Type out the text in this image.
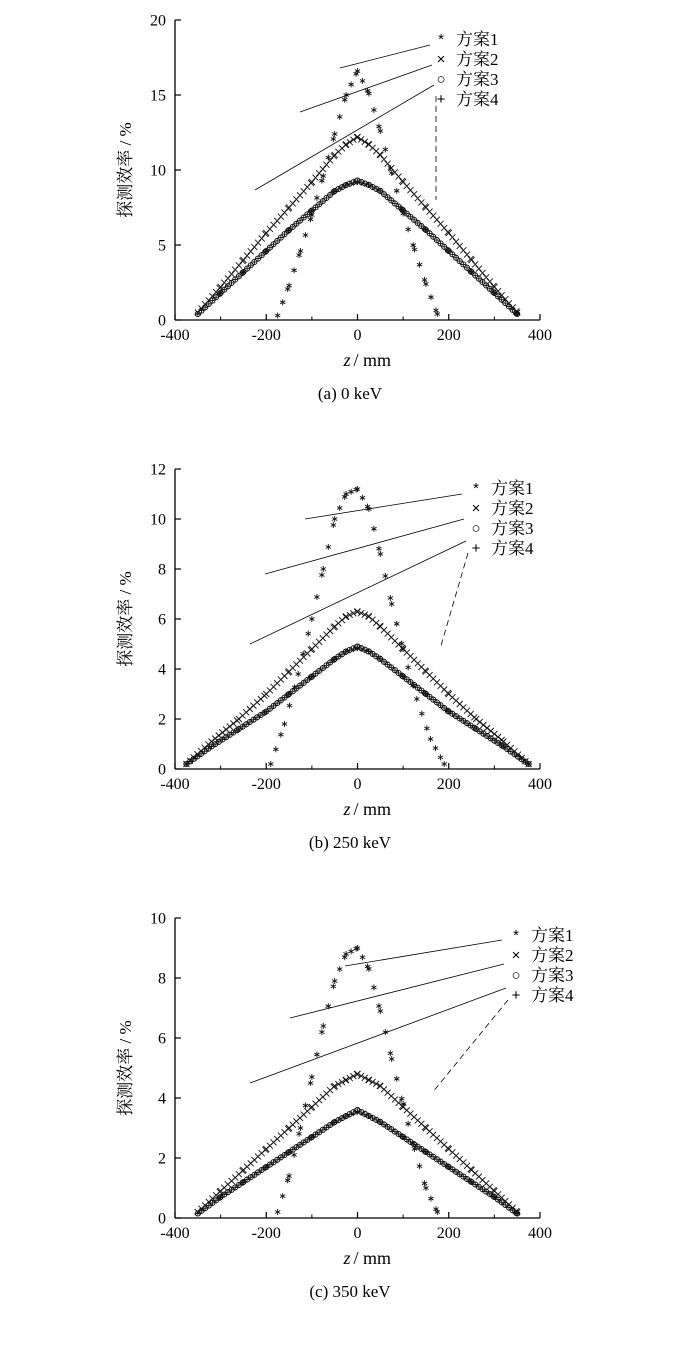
-400	-200	0	200	400
0
5
10
15
20
探测效率 / %
z / mm
* 方案1
× 方案2
○ 方案3
+ 方案4
(a) 0 keV
-400	-200	0	200	400
0
2
4
6
8
10
12
探测效率 / %
z / mm
* 方案1
× 方案2
○ 方案3
+ 方案4
(b) 250 keV
-400	-200	0	200	400
0
2
4
6
8
10
探测效率 / %
z / mm
* 方案1
× 方案2
○ 方案3
+ 方案4
(c) 350 keV
